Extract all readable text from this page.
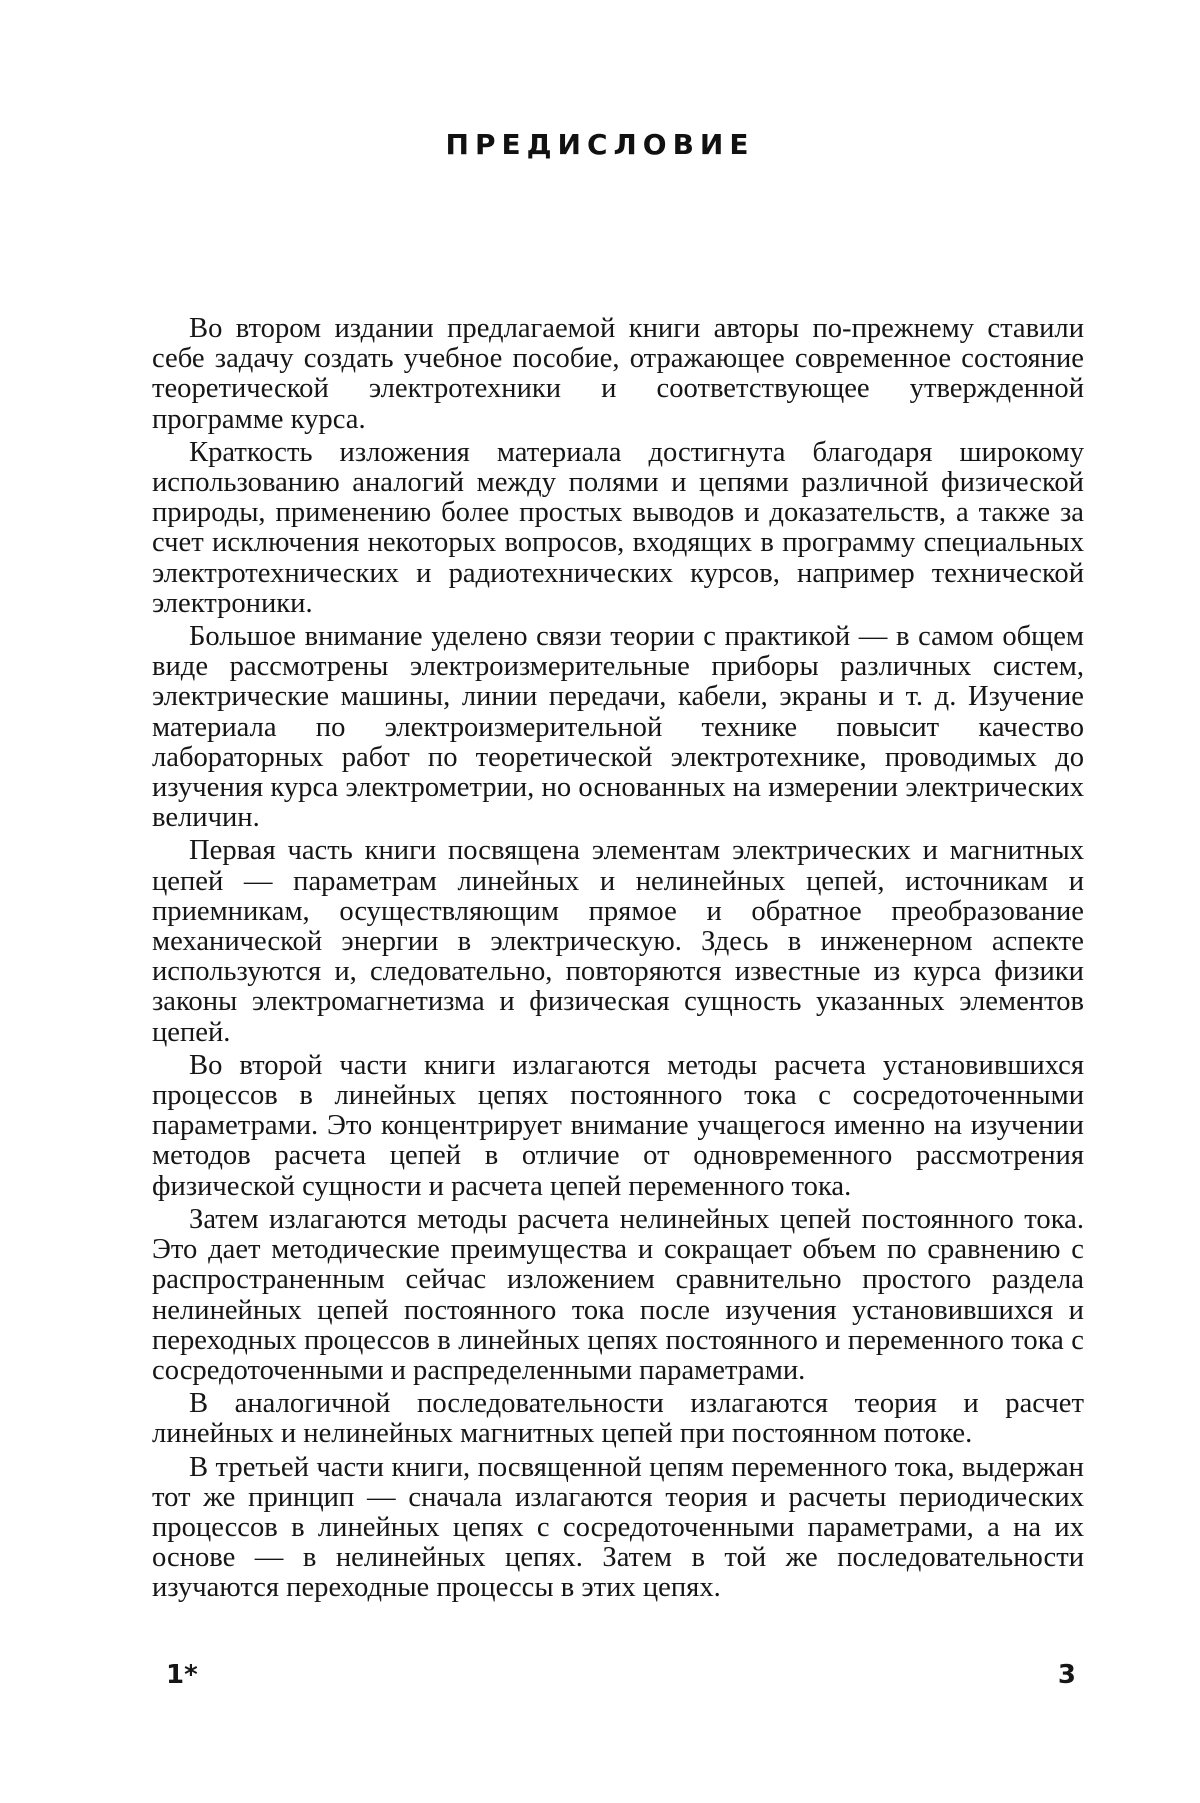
ПРЕДИСЛОВИЕ

Во втором издании предлагаемой книги авторы по-прежнему ставили себе задачу создать учебное пособие, отражающее современное состояние теоретической электротехники и соответствующее утвержденной программе курса.

Краткость изложения материала достигнута благодаря широкому использованию аналогий между полями и цепями различной физической природы, применению более простых выводов и доказательств, а также за счет исключения некоторых вопросов, входящих в программу специальных электротехнических и радиотехнических курсов, например технической электроники.

Большое внимание уделено связи теории с практикой — в самом общем виде рассмотрены электроизмерительные приборы различных систем, электрические машины, линии передачи, кабели, экраны и т. д. Изучение материала по электроизмерительной технике повысит качество лабораторных работ по теоретической электротехнике, проводимых до изучения курса электрометрии, но основанных на измерении электрических величин.

Первая часть книги посвящена элементам электрических и магнитных цепей — параметрам линейных и нелинейных цепей, источникам и приемникам, осуществляющим прямое и обратное преобразование механической энергии в электрическую. Здесь в инженерном аспекте используются и, следовательно, повторяются известные из курса физики законы электромагнетизма и физическая сущность указанных элементов цепей.

Во второй части книги излагаются методы расчета установившихся процессов в линейных цепях постоянного тока с сосредоточенными параметрами. Это концентрирует внимание учащегося именно на изучении методов расчета цепей в отличие от одновременного рассмотрения физической сущности и расчета цепей переменного тока.

Затем излагаются методы расчета нелинейных цепей постоянного тока. Это дает методические преимущества и сокращает объем по сравнению с распространенным сейчас изложением сравнительно простого раздела нелинейных цепей постоянного тока после изучения установившихся и переходных процессов в линейных цепях постоянного и переменного тока с сосредоточенными и распределенными параметрами.

В аналогичной последовательности излагаются теория и расчет линейных и нелинейных магнитных цепей при постоянном потоке.

В третьей части книги, посвященной цепям переменного тока, выдержан тот же принцип — сначала излагаются теория и расчеты периодических процессов в линейных цепях с сосредоточенными параметрами, а на их основе — в нелинейных цепях. Затем в той же последовательности изучаются переходные процессы в этих цепях.

1*	3
